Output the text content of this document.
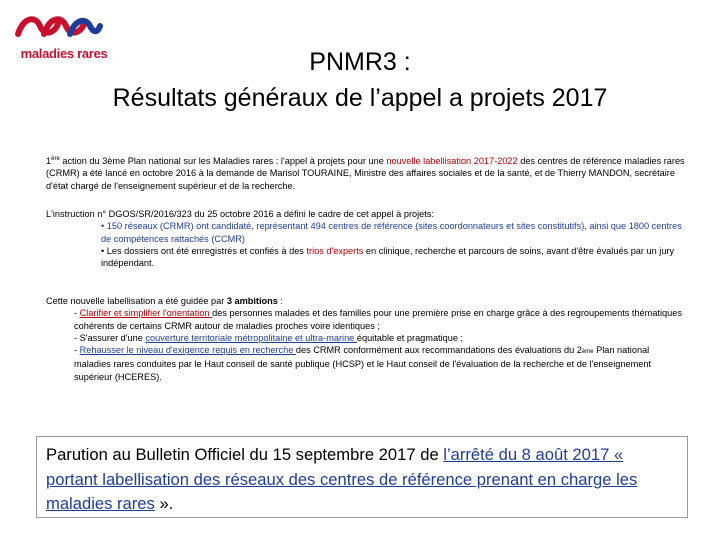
maladies rares	PNMR3 :
Résultats généraux de l’appel a projets 2017
1ère action du 3ème Plan national sur les Maladies rares : l'appel à projets pour une nouvelle labellisation 2017-2022 des centres de référence maladies rares (CRMR) a été lancé en octobre 2016 à la demande de Marisol TOURAINE, Ministre des affaires sociales et de la santé, et de Thierry MANDON, secrétaire d'état chargé de l'enseignement supérieur et de la recherche.
L'instruction n° DGOS/SR/2016/323 du 25 octobre 2016 a défini le cadre de cet appel à projets:
• 150 réseaux (CRMR) ont candidaté, représentant 494 centres de référence (sites coordonnateurs et sites constitutifs), ainsi que 1800 centres de compétences rattachés (CCMR)
• Les dossiers ont été enregistrés et confiés à des trios d'experts en clinique, recherche et parcours de soins, avant d'être évalués par un jury indépendant.
Cette nouvelle labellisation a été guidée par 3 ambitions :
- Clarifier et simplifier l'orientation des personnes malades et des familles pour une première prise en charge grâce à des regroupements thématiques cohérents de certains CRMR autour de maladies proches voire identiques ;
- S'assurer d'une couverture territoriale métropolitaine et ultra-marine équitable et pragmatique ;
- Rehausser le niveau d'exigence requis en recherche des CRMR conformément aux recommandations des évaluations du 2ème Plan national maladies rares conduites par le Haut conseil de santé publique (HCSP) et le Haut conseil de l'évaluation de la recherche et de l'enseignement supérieur (HCERES).
Parution au Bulletin Officiel du 15 septembre 2017 de l’arrêté du 8 août 2017 « portant labellisation des réseaux des centres de référence prenant en charge les maladies rares ».
